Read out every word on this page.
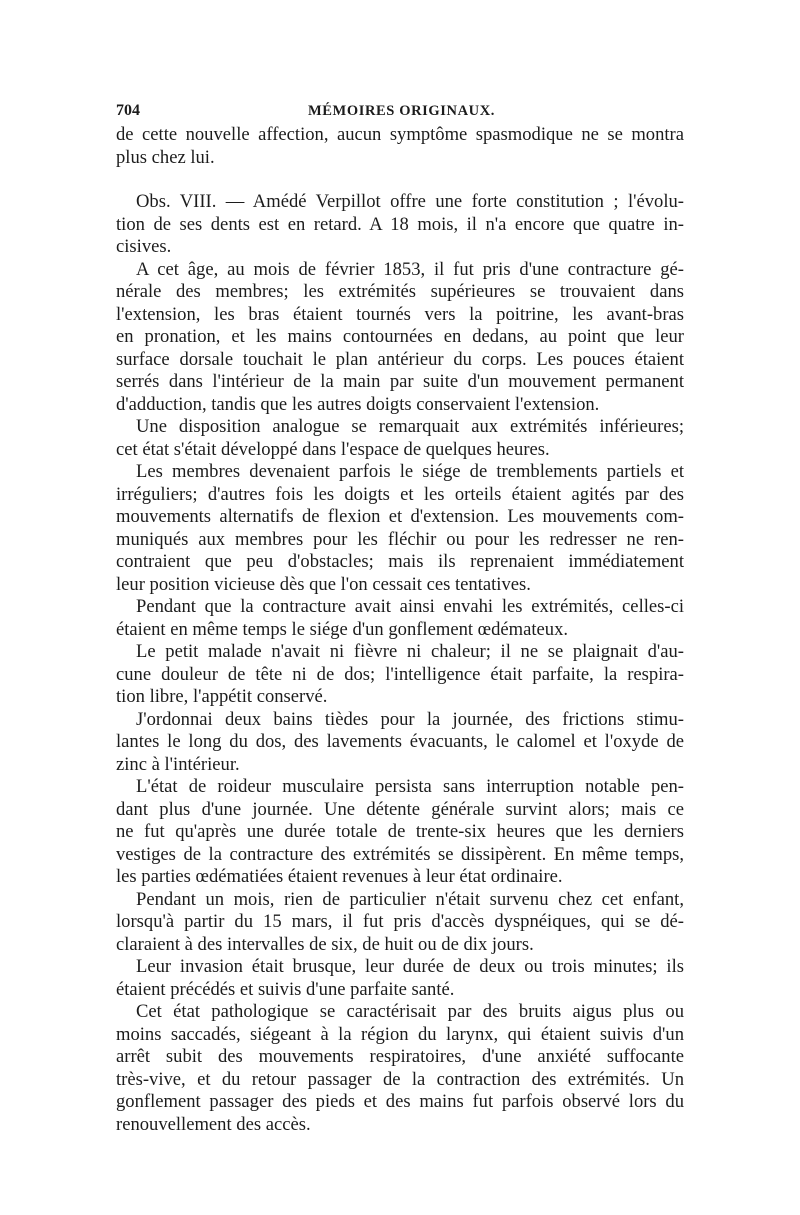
704	MÉMOIRES ORIGINAUX.
de cette nouvelle affection, aucun symptôme spasmodique ne se montra
plus chez lui.
Obs. VIII. — Amédé Verpillot offre une forte constitution ; l'évolu-
tion de ses dents est en retard. A 18 mois, il n'a encore que quatre in-
cisives.
A cet âge, au mois de février 1853, il fut pris d'une contracture gé-
nérale des membres; les extrémités supérieures se trouvaient dans
l'extension, les bras étaient tournés vers la poitrine, les avant-bras
en pronation, et les mains contournées en dedans, au point que leur
surface dorsale touchait le plan antérieur du corps. Les pouces étaient
serrés dans l'intérieur de la main par suite d'un mouvement permanent
d'adduction, tandis que les autres doigts conservaient l'extension.
Une disposition analogue se remarquait aux extrémités inférieures;
cet état s'était développé dans l'espace de quelques heures.
Les membres devenaient parfois le siége de tremblements partiels et
irréguliers; d'autres fois les doigts et les orteils étaient agités par des
mouvements alternatifs de flexion et d'extension. Les mouvements com-
muniqués aux membres pour les fléchir ou pour les redresser ne ren-
contraient que peu d'obstacles; mais ils reprenaient immédiatement
leur position vicieuse dès que l'on cessait ces tentatives.
Pendant que la contracture avait ainsi envahi les extrémités, celles-ci
étaient en même temps le siége d'un gonflement œdémateux.
Le petit malade n'avait ni fièvre ni chaleur; il ne se plaignait d'au-
cune douleur de tête ni de dos; l'intelligence était parfaite, la respira-
tion libre, l'appétit conservé.
J'ordonnai deux bains tièdes pour la journée, des frictions stimu-
lantes le long du dos, des lavements évacuants, le calomel et l'oxyde de
zinc à l'intérieur.
L'état de roideur musculaire persista sans interruption notable pen-
dant plus d'une journée. Une détente générale survint alors; mais ce
ne fut qu'après une durée totale de trente-six heures que les derniers
vestiges de la contracture des extrémités se dissipèrent. En même temps,
les parties œdématiées étaient revenues à leur état ordinaire.
Pendant un mois, rien de particulier n'était survenu chez cet enfant,
lorsqu'à partir du 15 mars, il fut pris d'accès dyspnéiques, qui se dé-
claraient à des intervalles de six, de huit ou de dix jours.
Leur invasion était brusque, leur durée de deux ou trois minutes; ils
étaient précédés et suivis d'une parfaite santé.
Cet état pathologique se caractérisait par des bruits aigus plus ou
moins saccadés, siégeant à la région du larynx, qui étaient suivis d'un
arrêt subit des mouvements respiratoires, d'une anxiété suffocante
très-vive, et du retour passager de la contraction des extrémités. Un
gonflement passager des pieds et des mains fut parfois observé lors du
renouvellement des accès.
